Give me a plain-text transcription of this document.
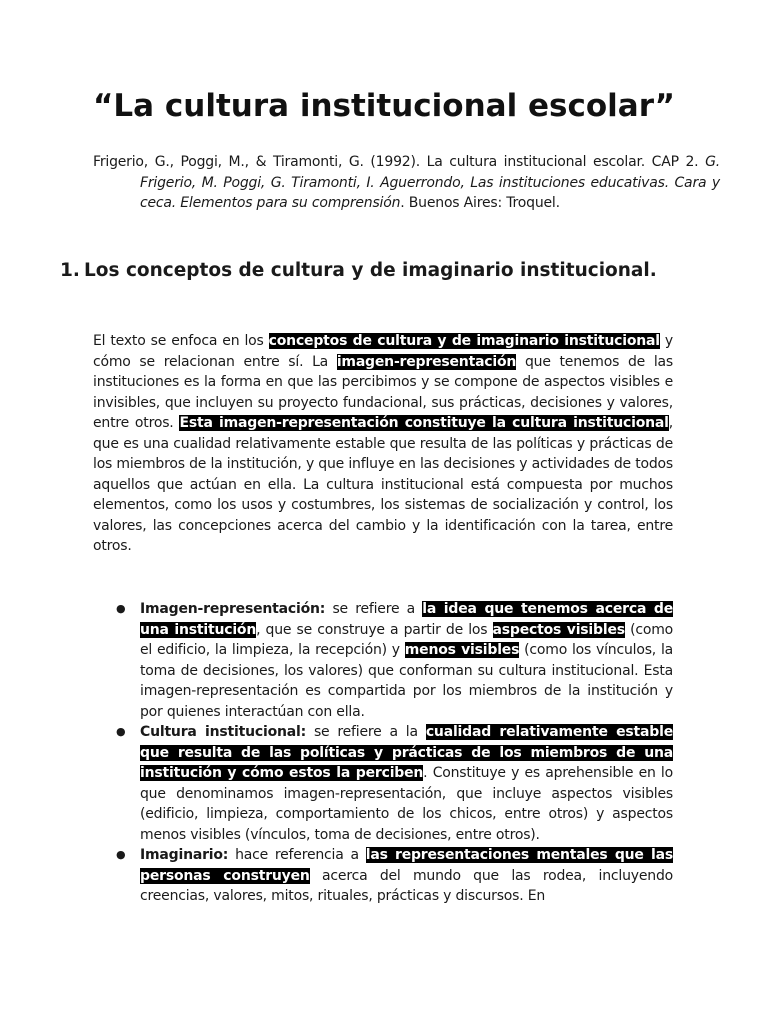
“La cultura institucional escolar”

Frigerio, G., Poggi, M., & Tiramonti, G. (1992). La cultura institucional escolar. CAP 2. G. Frigerio, M. Poggi, G. Tiramonti, I. Aguerrondo, Las instituciones educativas. Cara y ceca. Elementos para su comprensión. Buenos Aires: Troquel.

1. Los conceptos de cultura y de imaginario institucional.

El texto se enfoca en los conceptos de cultura y de imaginario institucional y cómo se relacionan entre sí. La imagen-representación que tenemos de las instituciones es la forma en que las percibimos y se compone de aspectos visibles e invisibles, que incluyen su proyecto fundacional, sus prácticas, decisiones y valores, entre otros. Esta imagen-representación constituye la cultura institucional, que es una cualidad relativamente estable que resulta de las políticas y prácticas de los miembros de la institución, y que influye en las decisiones y actividades de todos aquellos que actúan en ella. La cultura institucional está compuesta por muchos elementos, como los usos y costumbres, los sistemas de socialización y control, los valores, las concepciones acerca del cambio y la identificación con la tarea, entre otros.

● Imagen-representación: se refiere a la idea que tenemos acerca de una institución, que se construye a partir de los aspectos visibles (como el edificio, la limpieza, la recepción) y menos visibles (como los vínculos, la toma de decisiones, los valores) que conforman su cultura institucional. Esta imagen-representación es compartida por los miembros de la institución y por quienes interactúan con ella.
● Cultura institucional: se refiere a la cualidad relativamente estable que resulta de las políticas y prácticas de los miembros de una institución y cómo estos la perciben. Constituye y es aprehensible en lo que denominamos imagen-representación, que incluye aspectos visibles (edificio, limpieza, comportamiento de los chicos, entre otros) y aspectos menos visibles (vínculos, toma de decisiones, entre otros).
● Imaginario: hace referencia a las representaciones mentales que las personas construyen acerca del mundo que las rodea, incluyendo creencias, valores, mitos, rituales, prácticas y discursos. En
